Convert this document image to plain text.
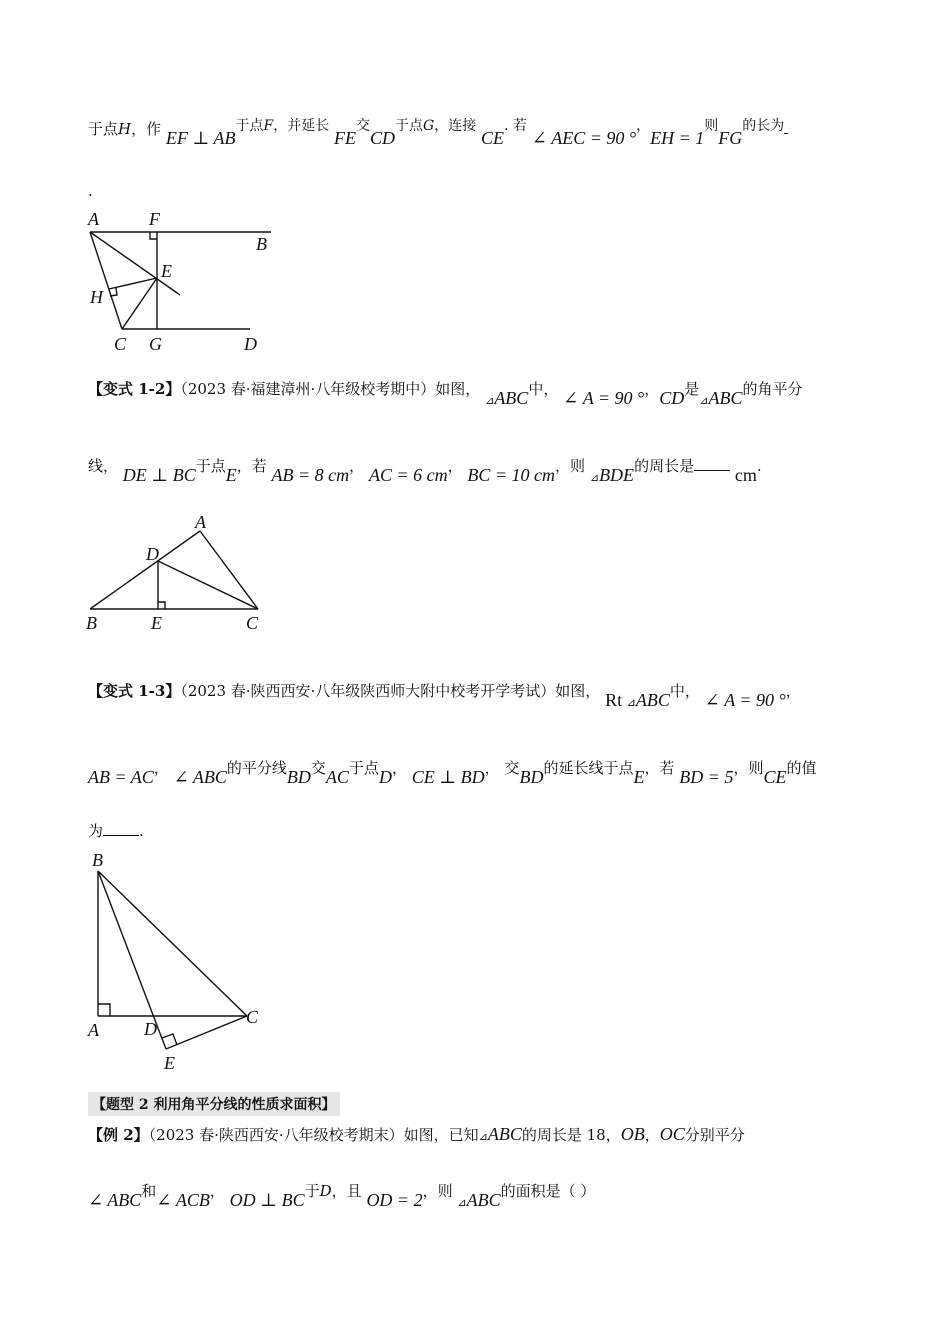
于点H，作 EF ⊥ AB于点F，并延长 FE交CD于点G，连接 CE. 若 ∠ AEC = 90 °，EH = 1则FG的长为
.
A	F
B
E
H
C G	D
【变式 1-2】（2023 春·福建漳州·八年级校考期中）如图， ⊿ABC中， ∠ A = 90 °，CD是⊿ABC的角平分
线， DE ⊥ BC于点E，若 AB = 8 cm， AC = 6 cm， BC = 10 cm，则 ⊿BDE的周长是 cm.
A
D
B	E	C
【变式 1-3】（2023 春·陕西西安·八年级陕西师大附中校考开学考试）如图， Rt ⊿ABC中， ∠ A = 90 °，
AB = AC， ∠ ABC的平分线BD交AC于点D， CE ⊥ BD， 交BD的延长线于点E，若 BD = 5，则CE的值
为 .
B
A	D
C
E
【题型 2 利用角平分线的性质求面积】
【例 2】（2023 春·陕西西安·八年级校考期末）如图，已知⊿ABC的周长是 18，OB，OC分别平分
∠ ABC和∠ ACB， OD ⊥ BC于D，且 OD = 2，则 ⊿ABC的面积是（ ）
